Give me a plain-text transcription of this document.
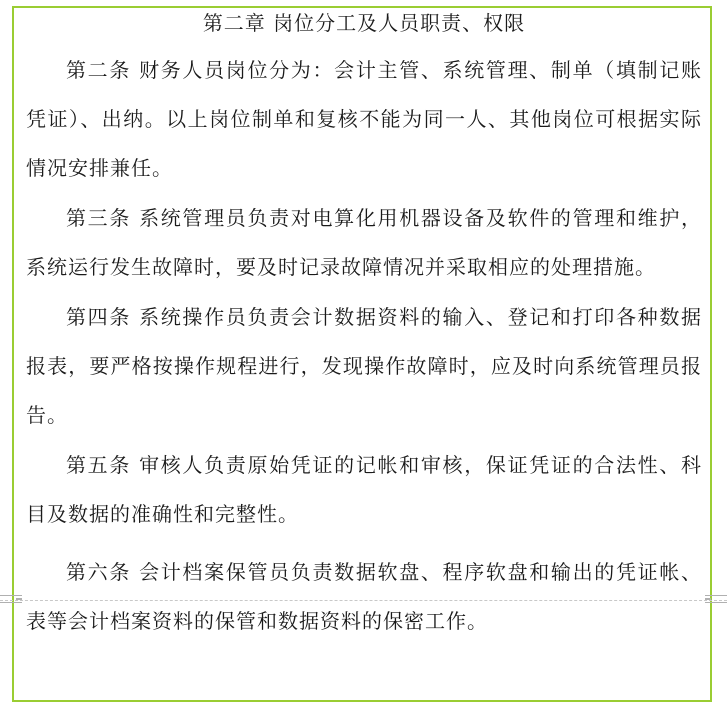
第二章 岗位分工及人员职责、权限

第二条 财务人员岗位分为：会计主管、系统管理、制单（填制记账凭证）、出纳。以上岗位制单和复核不能为同一人、其他岗位可根据实际情况安排兼任。

第三条 系统管理员负责对电算化用机器设备及软件的管理和维护，系统运行发生故障时，要及时记录故障情况并采取相应的处理措施。

第四条 系统操作员负责会计数据资料的输入、登记和打印各种数据报表，要严格按操作规程进行，发现操作故障时，应及时向系统管理员报告。

第五条 审核人负责原始凭证的记帐和审核，保证凭证的合法性、科目及数据的准确性和完整性。

第六条 会计档案保管员负责数据软盘、程序软盘和输出的凭证帐、表等会计档案资料的保管和数据资料的保密工作。
